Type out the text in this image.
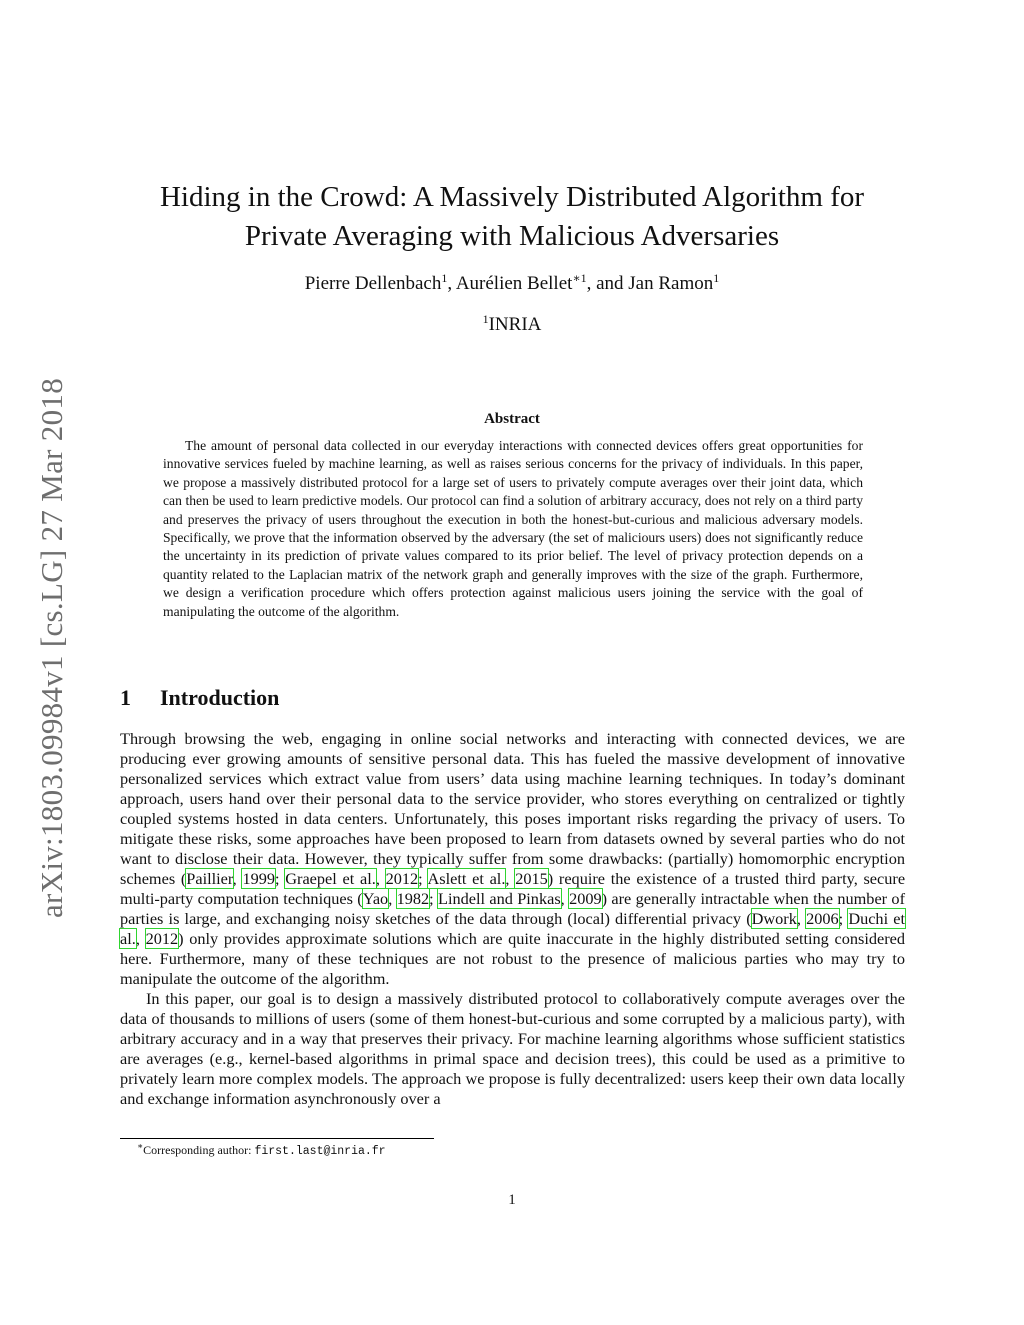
arXiv:1803.09984v1 [cs.LG] 27 Mar 2018
Hiding in the Crowd: A Massively Distributed Algorithm for
Private Averaging with Malicious Adversaries
Pierre Dellenbach$^1$, Aurélien Bellet$^{∗1}$, and Jan Ramon$^1$
$^1$INRIA
Abstract

The amount of personal data collected in our everyday interactions with connected devices offers great opportunities for innovative services fueled by machine learning, as well as raises serious concerns for the privacy of individuals. In this paper, we propose a massively distributed protocol for a large set of users to privately compute averages over their joint data, which can then be used to learn predictive models. Our protocol can find a solution of arbitrary accuracy, does not rely on a third party and preserves the privacy of users throughout the execution in both the honest-but-curious and malicious adversary models. Specifically, we prove that the information observed by the adversary (the set of maliciours users) does not significantly reduce the uncertainty in its prediction of private values compared to its prior belief. The level of privacy protection depends on a quantity related to the Laplacian matrix of the network graph and generally improves with the size of the graph. Furthermore, we design a verification procedure which offers protection against malicious users joining the service with the goal of manipulating the outcome of the algorithm.

1 Introduction

Through browsing the web, engaging in online social networks and interacting with connected devices, we are producing ever growing amounts of sensitive personal data. This has fueled the massive development of innovative personalized services which extract value from users’ data using machine learning techniques. In today’s dominant approach, users hand over their personal data to the service provider, who stores everything on centralized or tightly coupled systems hosted in data centers. Unfortunately, this poses important risks regarding the privacy of users. To mitigate these risks, some approaches have been proposed to learn from datasets owned by several parties who do not want to disclose their data. However, they typically suffer from some drawbacks: (partially) homomorphic encryption schemes (Paillier, 1999; Graepel et al., 2012; Aslett et al., 2015) require the existence of a trusted third party, secure multi-party computation techniques (Yao, 1982; Lindell and Pinkas, 2009) are generally intractable when the number of parties is large, and exchanging noisy sketches of the data through (local) differential privacy (Dwork, 2006; Duchi et al., 2012) only provides approximate solutions which are quite inaccurate in the highly distributed setting considered here. Furthermore, many of these techniques are not robust to the presence of malicious parties who may try to manipulate the outcome of the algorithm.

In this paper, our goal is to design a massively distributed protocol to collaboratively compute averages over the data of thousands to millions of users (some of them honest-but-curious and some corrupted by a malicious party), with arbitrary accuracy and in a way that preserves their privacy. For machine learning algorithms whose sufficient statistics are averages (e.g., kernel-based algorithms in primal space and decision trees), this could be used as a primitive to privately learn more complex models. The approach we propose is fully decentralized: users keep their own data locally and exchange information asynchronously over a

∗Corresponding author: first.last@inria.fr
1
